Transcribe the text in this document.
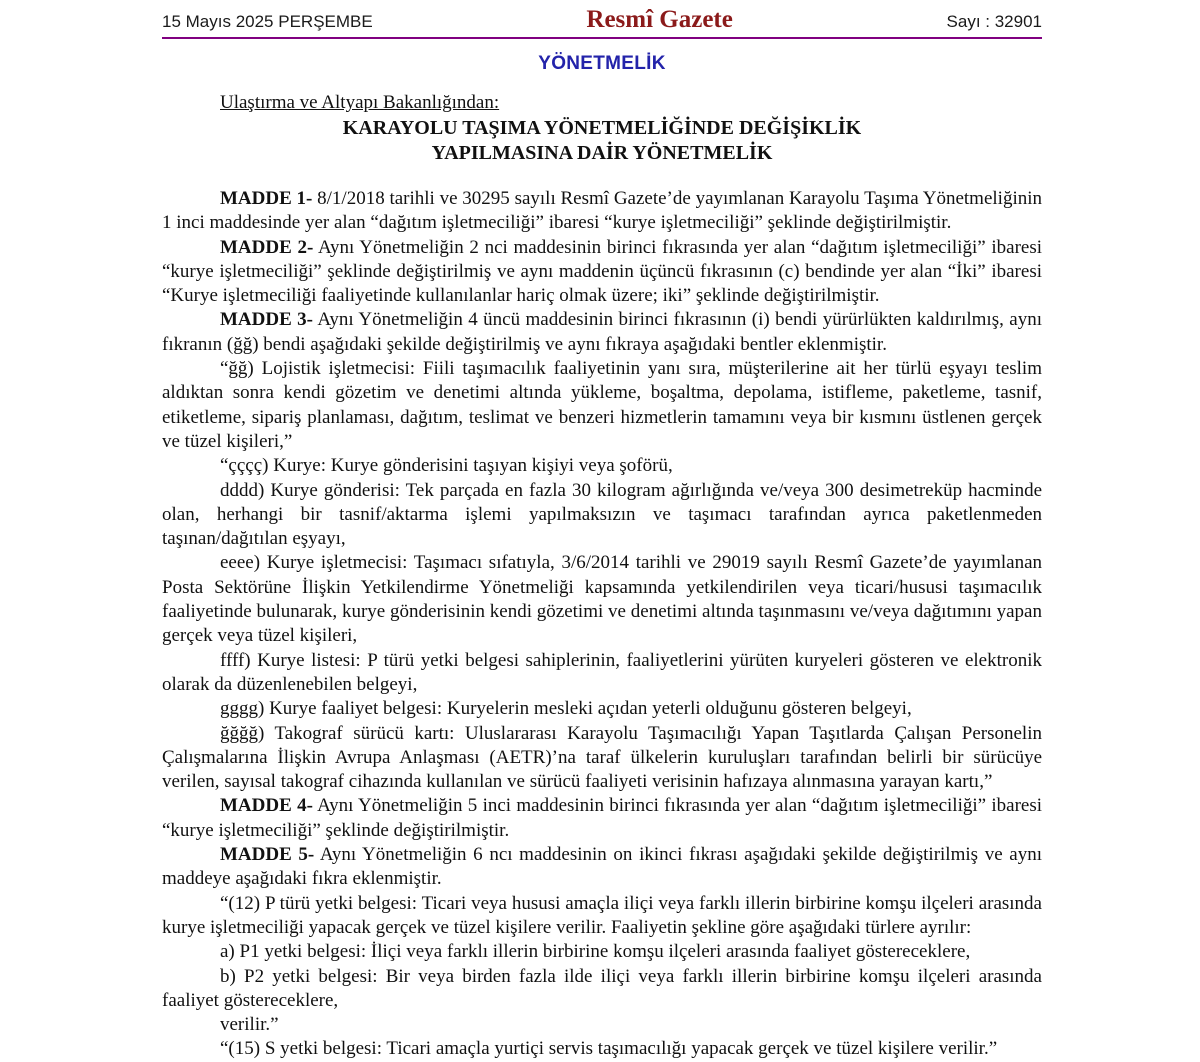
15 Mayıs 2025 PERŞEMBE	Resmî Gazete	Sayı : 32901
YÖNETMELİK

Ulaştırma ve Altyapı Bakanlığından:

KARAYOLU TAŞIMA YÖNETMELİĞİNDE DEĞİŞİKLİK
YAPILMASINA DAİR YÖNETMELİK

MADDE 1- 8/1/2018 tarihli ve 30295 sayılı Resmî Gazete’de yayımlanan Karayolu Taşıma Yönetmeliğinin 1 inci maddesinde yer alan “dağıtım işletmeciliği” ibaresi “kurye işletmeciliği” şeklinde değiştirilmiştir.

MADDE 2- Aynı Yönetmeliğin 2 nci maddesinin birinci fıkrasında yer alan “dağıtım işletmeciliği” ibaresi “kurye işletmeciliği” şeklinde değiştirilmiş ve aynı maddenin üçüncü fıkrasının (c) bendinde yer alan “İki” ibaresi “Kurye işletmeciliği faaliyetinde kullanılanlar hariç olmak üzere; iki” şeklinde değiştirilmiştir.

MADDE 3- Aynı Yönetmeliğin 4 üncü maddesinin birinci fıkrasının (i) bendi yürürlükten kaldırılmış, aynı fıkranın (ğğ) bendi aşağıdaki şekilde değiştirilmiş ve aynı fıkraya aşağıdaki bentler eklenmiştir.

“ğğ) Lojistik işletmecisi: Fiili taşımacılık faaliyetinin yanı sıra, müşterilerine ait her türlü eşyayı teslim aldıktan sonra kendi gözetim ve denetimi altında yükleme, boşaltma, depolama, istifleme, paketleme, tasnif, etiketleme, sipariş planlaması, dağıtım, teslimat ve benzeri hizmetlerin tamamını veya bir kısmını üstlenen gerçek ve tüzel kişileri,”

“çççç) Kurye: Kurye gönderisini taşıyan kişiyi veya şoförü,

dddd) Kurye gönderisi: Tek parçada en fazla 30 kilogram ağırlığında ve/veya 300 desimetreküp hacminde olan, herhangi bir tasnif/aktarma işlemi yapılmaksızın ve taşımacı tarafından ayrıca paketlenmeden taşınan/dağıtılan eşyayı,

eeee) Kurye işletmecisi: Taşımacı sıfatıyla, 3/6/2014 tarihli ve 29019 sayılı Resmî Gazete’de yayımlanan Posta Sektörüne İlişkin Yetkilendirme Yönetmeliği kapsamında yetkilendirilen veya ticari/hususi taşımacılık faaliyetinde bulunarak, kurye gönderisinin kendi gözetimi ve denetimi altında taşınmasını ve/veya dağıtımını yapan gerçek veya tüzel kişileri,

ffff) Kurye listesi: P türü yetki belgesi sahiplerinin, faaliyetlerini yürüten kuryeleri gösteren ve elektronik olarak da düzenlenebilen belgeyi,

gggg) Kurye faaliyet belgesi: Kuryelerin mesleki açıdan yeterli olduğunu gösteren belgeyi,

ğğğğ) Takograf sürücü kartı: Uluslararası Karayolu Taşımacılığı Yapan Taşıtlarda Çalışan Personelin Çalışmalarına İlişkin Avrupa Anlaşması (AETR)’na taraf ülkelerin kuruluşları tarafından belirli bir sürücüye verilen, sayısal takograf cihazında kullanılan ve sürücü faaliyeti verisinin hafızaya alınmasına yarayan kartı,”

MADDE 4- Aynı Yönetmeliğin 5 inci maddesinin birinci fıkrasında yer alan “dağıtım işletmeciliği” ibaresi “kurye işletmeciliği” şeklinde değiştirilmiştir.

MADDE 5- Aynı Yönetmeliğin 6 ncı maddesinin on ikinci fıkrası aşağıdaki şekilde değiştirilmiş ve aynı maddeye aşağıdaki fıkra eklenmiştir.

“(12) P türü yetki belgesi: Ticari veya hususi amaçla iliçi veya farklı illerin birbirine komşu ilçeleri arasında kurye işletmeciliği yapacak gerçek ve tüzel kişilere verilir. Faaliyetin şekline göre aşağıdaki türlere ayrılır:

a) P1 yetki belgesi: İliçi veya farklı illerin birbirine komşu ilçeleri arasında faaliyet göstereceklere,

b) P2 yetki belgesi: Bir veya birden fazla ilde iliçi veya farklı illerin birbirine komşu ilçeleri arasında faaliyet göstereceklere,

verilir.”

“(15) S yetki belgesi: Ticari amaçla yurtiçi servis taşımacılığı yapacak gerçek ve tüzel kişilere verilir.”
